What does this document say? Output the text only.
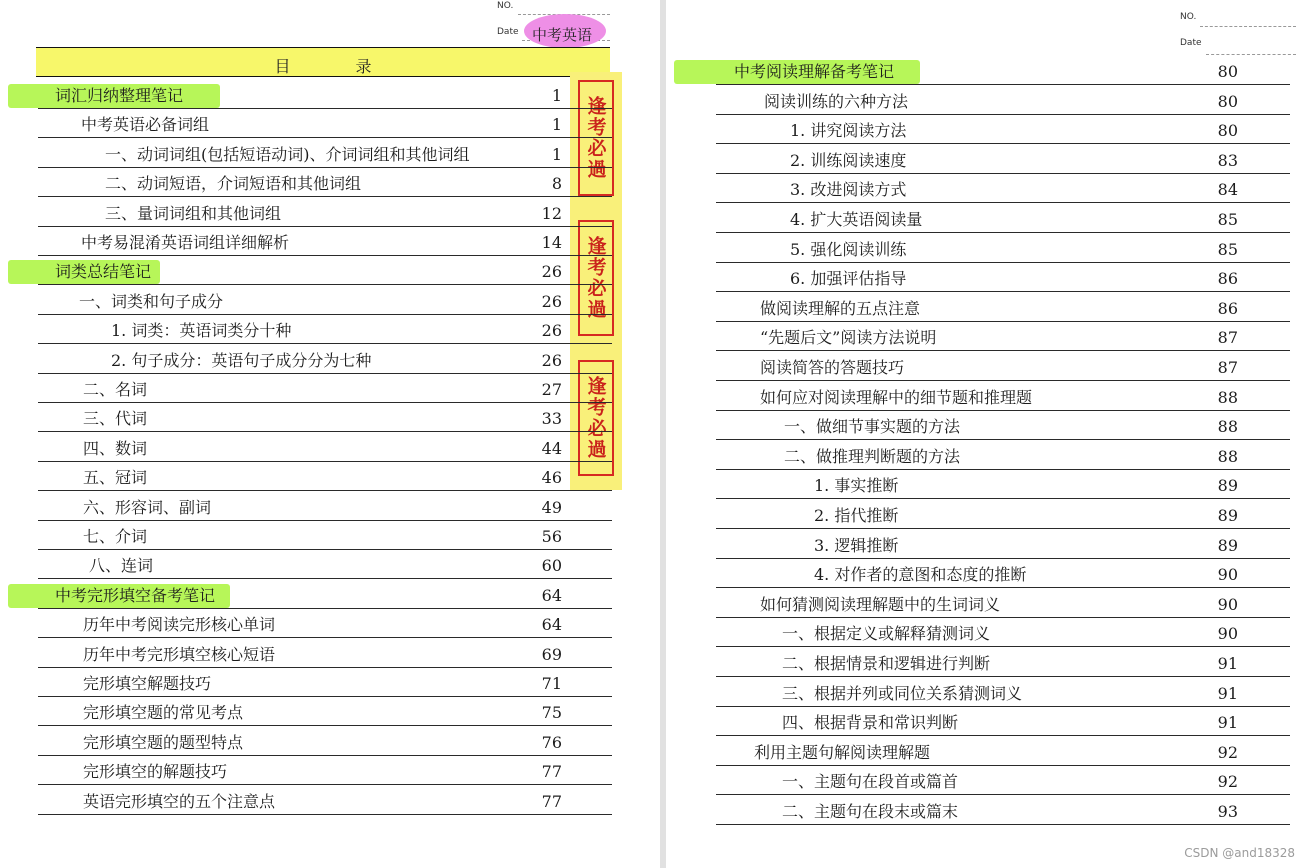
NO.
Date 中考英语
目 录
逢考必過
逢考必過
逢考必過
词汇归纳整理笔记	1
中考英语必备词组	1
一、动词词组(包括短语动词)、介词词组和其他词组	1
二、动词短语，介词短语和其他词组	8
三、量词词组和其他词组	12
中考易混淆英语词组详细解析	14
词类总结笔记	26
一、词类和句子成分	26
1. 词类：英语词类分十种	26
2. 句子成分：英语句子成分分为七种	26
二、名词	27
三、代词	33
四、数词	44
五、冠词	46
六、形容词、副词	49
七、介词	56
八、连词	60
中考完形填空备考笔记	64
历年中考阅读完形核心单词	64
历年中考完形填空核心短语	69
完形填空解题技巧	71
完形填空题的常见考点	75
完形填空题的题型特点	76
完形填空的解题技巧	77
英语完形填空的五个注意点	77
NO.
Date
中考阅读理解备考笔记	80
阅读训练的六种方法	80
1. 讲究阅读方法	80
2. 训练阅读速度	83
3. 改进阅读方式	84
4. 扩大英语阅读量	85
5. 强化阅读训练	85
6. 加强评估指导	86
做阅读理解的五点注意	86
“先题后文”阅读方法说明	87
阅读简答的答题技巧	87
如何应对阅读理解中的细节题和推理题	88
一、做细节事实题的方法	88
二、做推理判断题的方法	88
1. 事实推断	89
2. 指代推断	89
3. 逻辑推断	89
4. 对作者的意图和态度的推断	90
如何猜测阅读理解题中的生词词义	90
一、根据定义或解释猜测词义	90
二、根据情景和逻辑进行判断	91
三、根据并列或同位关系猜测词义	91
四、根据背景和常识判断	91
利用主题句解阅读理解题	92
一、主题句在段首或篇首	92
二、主题句在段末或篇末	93
CSDN @and18328
